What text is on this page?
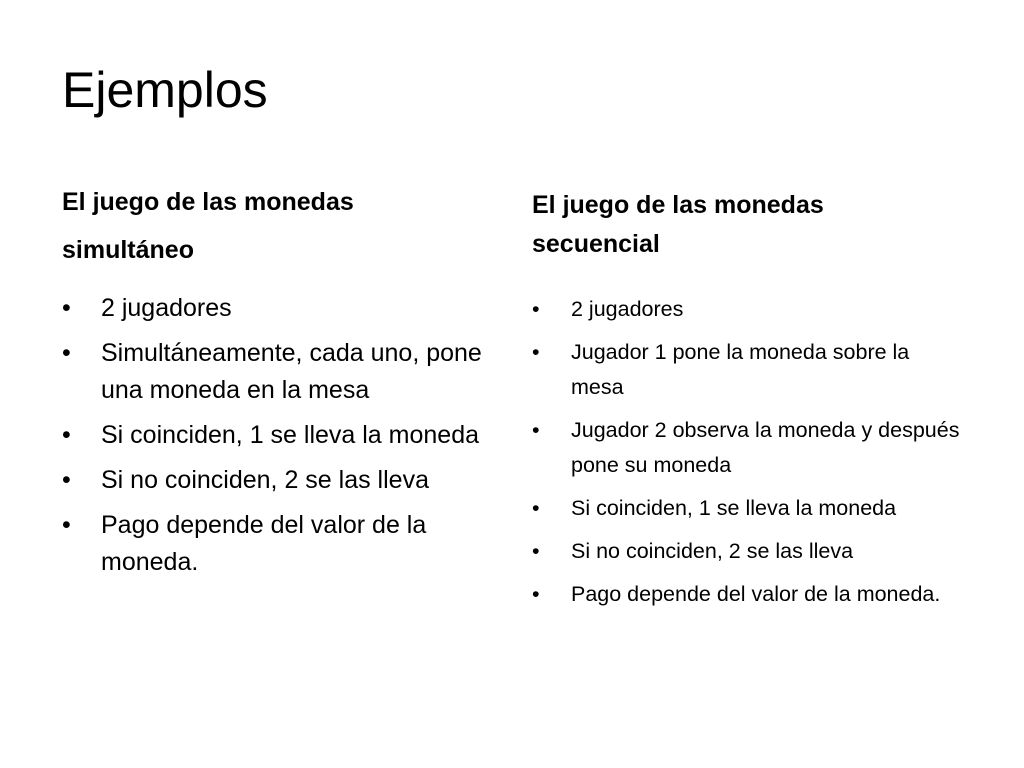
Ejemplos
El juego de las monedas simultáneo
•	2 jugadores
•	Simultáneamente, cada uno, pone una moneda en la mesa
•	Si coinciden, 1 se lleva la moneda
•	Si no coinciden, 2 se las lleva
•	Pago depende del valor de la moneda.
El juego de las monedas secuencial
•	2 jugadores
•	Jugador 1 pone la moneda sobre la mesa
•	Jugador 2 observa la moneda y después pone su moneda
•	Si coinciden, 1 se lleva la moneda
•	Si no coinciden, 2 se las lleva
•	Pago depende del valor de la moneda.
